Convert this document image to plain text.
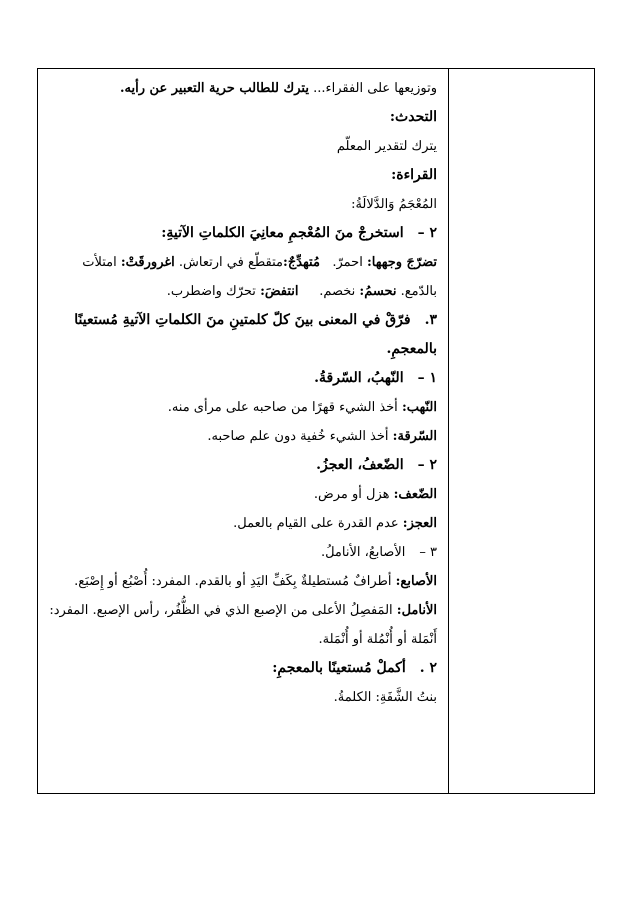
وتوزيعها على الفقراء... يترك للطالب حرية التعبير عن رأيه.

التحدث:

يترك لتقدير المعلّم

القراءة:

المُعْجَمُ وَالدَّلالَةُ:

٢ –استخرجْ منَ المُعْجمِ معانِيَ الكلماتِ الآتيةِ:

تضرّجَ وجهها: احمرّ.   مُتهدِّجٌ:متقطّع في ارتعاش. اغرورقَتْ: امتلأت

بالدّمع. نحسمُ: نخصم.     انتفضَ: تحرّك واضطرب.

٣.فرّقْ في المعنى بينَ كلّ كلمتينِ منَ الكلماتِ الآتيةِ مُستعينًا

بالمعجمِ.

١ –النّهبُ، السّرقةُ.

النّهب: أخذ الشيء قهرًا من صاحبه على مرأى منه.

السّرقة: أخذ الشيء خُفية دون علم صاحبه.

٢ –الضّعفُ، العجزُ.

الضّعف: هزل أو مرض.

العجز: عدم القدرة على القيام بالعمل.

٣ –الأصابعُ، الأناملُ.

الأصابع: أطرافٌ مُستطيلةٌ بِكَفِّ اليَدِ أو بالقدم. المفرد: أُصْبُع أو إِصْبَع.

الأنامل: المَفصِلُ الأعلى من الإصبع الذي في الظُّفُر، رأس الإصبع. المفرد:

أَنْمَلة أو أُنْمُلة أو أُنْمَلة.

٢ .أكملْ مُستعينًا بالمعجمِ:

بنتُ الشَّفَةِ: الكلمةُ.
